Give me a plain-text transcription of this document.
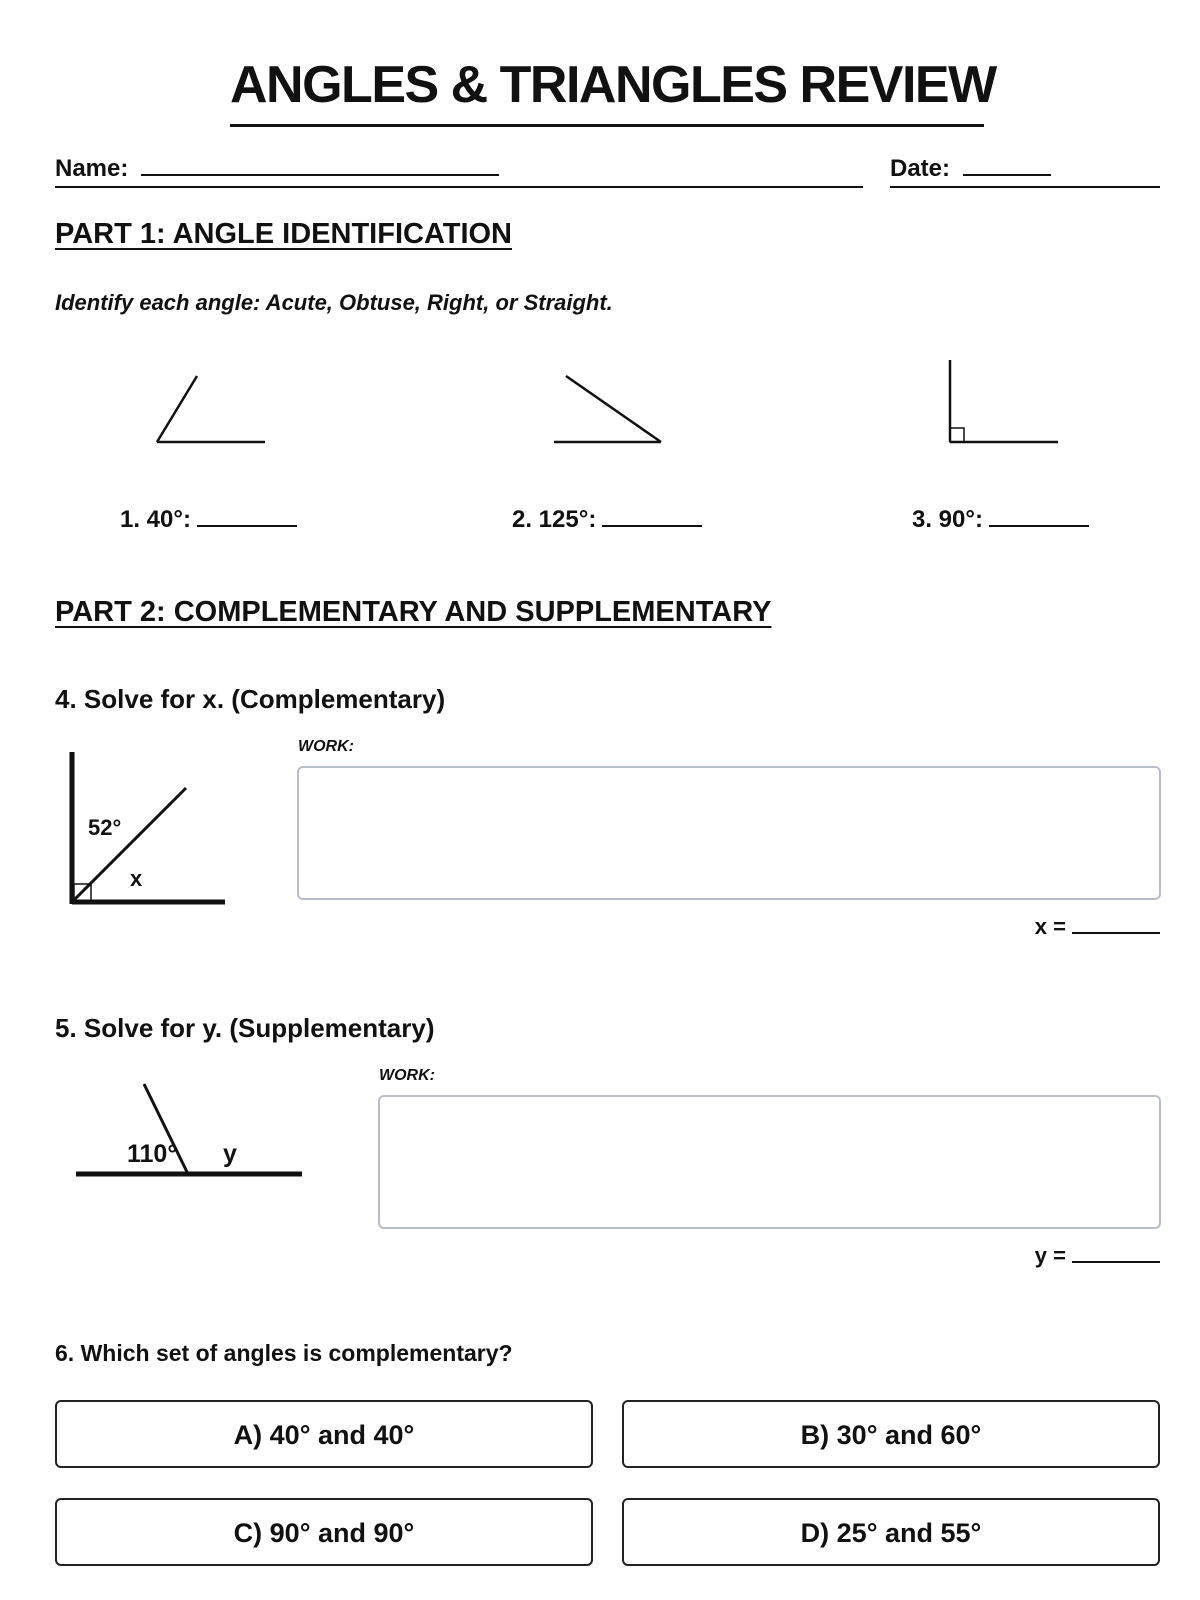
ANGLES & TRIANGLES REVIEW
Name:	Date:
PART 1: ANGLE IDENTIFICATION
Identify each angle: Acute, Obtuse, Right, or Straight.
1. 40°:	2. 125°:	3. 90°:
PART 2: COMPLEMENTARY AND SUPPLEMENTARY
4. Solve for x. (Complementary)
52°
x
WORK:
x =
5. Solve for y. (Supplementary)
110° y
WORK:
y =
6. Which set of angles is complementary?
A) 40° and 40°	B) 30° and 60°
C) 90° and 90°	D) 25° and 55°
